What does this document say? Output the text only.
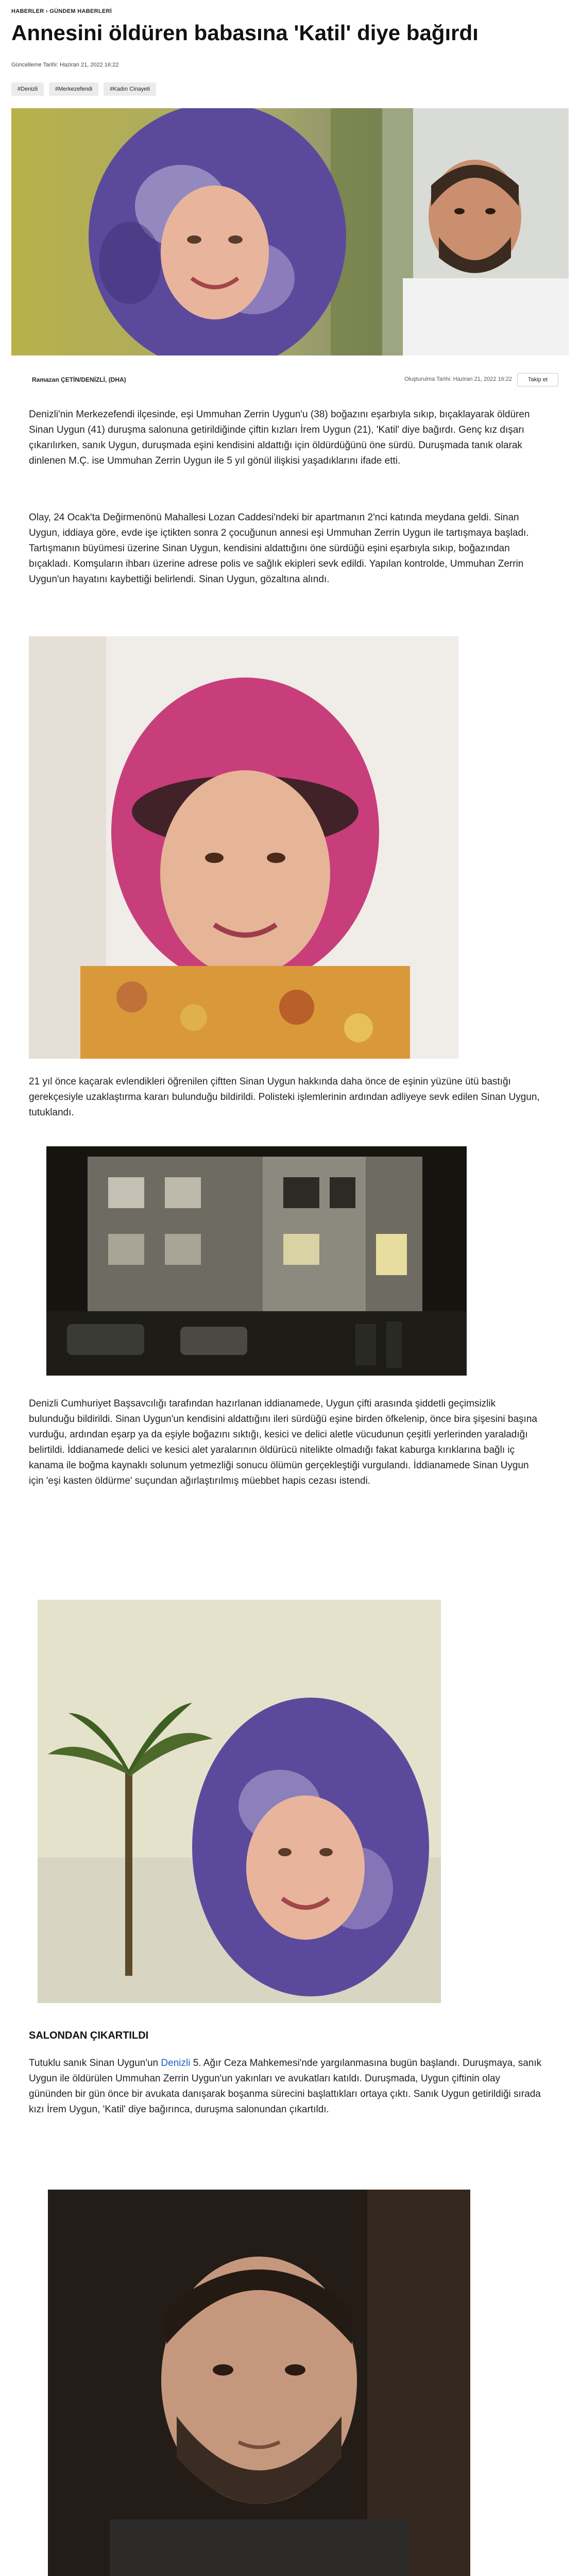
HABERLER › GÜNDEM HABERLERİ
Annesini öldüren babasına 'Katil' diye bağırdı
Güncelleme Tarihi: Haziran 21, 2022 16:22
#Denizli	#Merkezefendi	#Kadın Cinayeti
Ramazan ÇETİN/DENİZLİ, (DHA)	Oluşturulma Tarihi: Haziran 21, 2022 16:22	Takip et

Denizli'nin Merkezefendi ilçesinde, eşi Ummuhan Zerrin Uygun'u (38) boğazını eşarbıyla sıkıp, bıçaklayarak öldüren Sinan Uygun (41) duruşma salonuna getirildiğinde çiftin kızları İrem Uygun (21), 'Katil' diye bağırdı. Genç kız dışarı çıkarılırken, sanık Uygun, duruşmada eşini kendisini aldattığı için öldürdüğünü öne sürdü. Duruşmada tanık olarak dinlenen M.Ç. ise Ummuhan Zerrin Uygun ile 5 yıl gönül ilişkisi yaşadıklarını ifade etti.

Olay, 24 Ocak'ta Değirmenönü Mahallesi Lozan Caddesi'ndeki bir apartmanın 2'nci katında meydana geldi. Sinan Uygun, iddiaya göre, evde işe içtikten sonra 2 çocuğunun annesi eşi Ummuhan Zerrin Uygun ile tartışmaya başladı. Tartışmanın büyümesi üzerine Sinan Uygun, kendisini aldattığını öne sürdüğü eşini eşarbıyla sıkıp, boğazından bıçakladı. Komşuların ihbarı üzerine adrese polis ve sağlık ekipleri sevk edildi. Yapılan kontrolde, Ummuhan Zerrin Uygun'un hayatını kaybettiği belirlendi. Sinan Uygun, gözaltına alındı.

21 yıl önce kaçarak evlendikleri öğrenilen çiftten Sinan Uygun hakkında daha önce de eşinin yüzüne ütü bastığı gerekçesiyle uzaklaştırma kararı bulunduğu bildirildi. Polisteki işlemlerinin ardından adliyeye sevk edilen Sinan Uygun, tutuklandı.

Denizli Cumhuriyet Başsavcılığı tarafından hazırlanan iddianamede, Uygun çifti arasında şiddetli geçimsizlik bulunduğu bildirildi. Sinan Uygun'un kendisini aldattığını ileri sürdüğü eşine birden öfkelenip, önce bira şişesini başına vurduğu, ardından eşarp ya da eşiyle boğazını sıktığı, kesici ve delici aletle vücudunun çeşitli yerlerinden yaraladığı belirtildi. İddianamede delici ve kesici alet yaralarının öldürücü nitelikte olmadığı fakat kaburga kırıklarına bağlı iç kanama ile boğma kaynaklı solunum yetmezliği sonucu ölümün gerçekleştiği vurgulandı. İddianamede Sinan Uygun için 'eşi kasten öldürme' suçundan ağırlaştırılmış müebbet hapis cezası istendi.

SALONDAN ÇIKARTILDI

Tutuklu sanık Sinan Uygun'un Denizli 5. Ağır Ceza Mahkemesi'nde yargılanmasına bugün başlandı. Duruşmaya, sanık Uygun ile öldürülen Ummuhan Zerrin Uygun'un yakınları ve avukatları katıldı. Duruşmada, Uygun çiftinin olay gününden bir gün önce bir avukata danışarak boşanma sürecini başlattıkları ortaya çıktı. Sanık Uygun getirildiği sırada kızı İrem Uygun, 'Katil' diye bağırınca, duruşma salonundan çıkartıldı.
